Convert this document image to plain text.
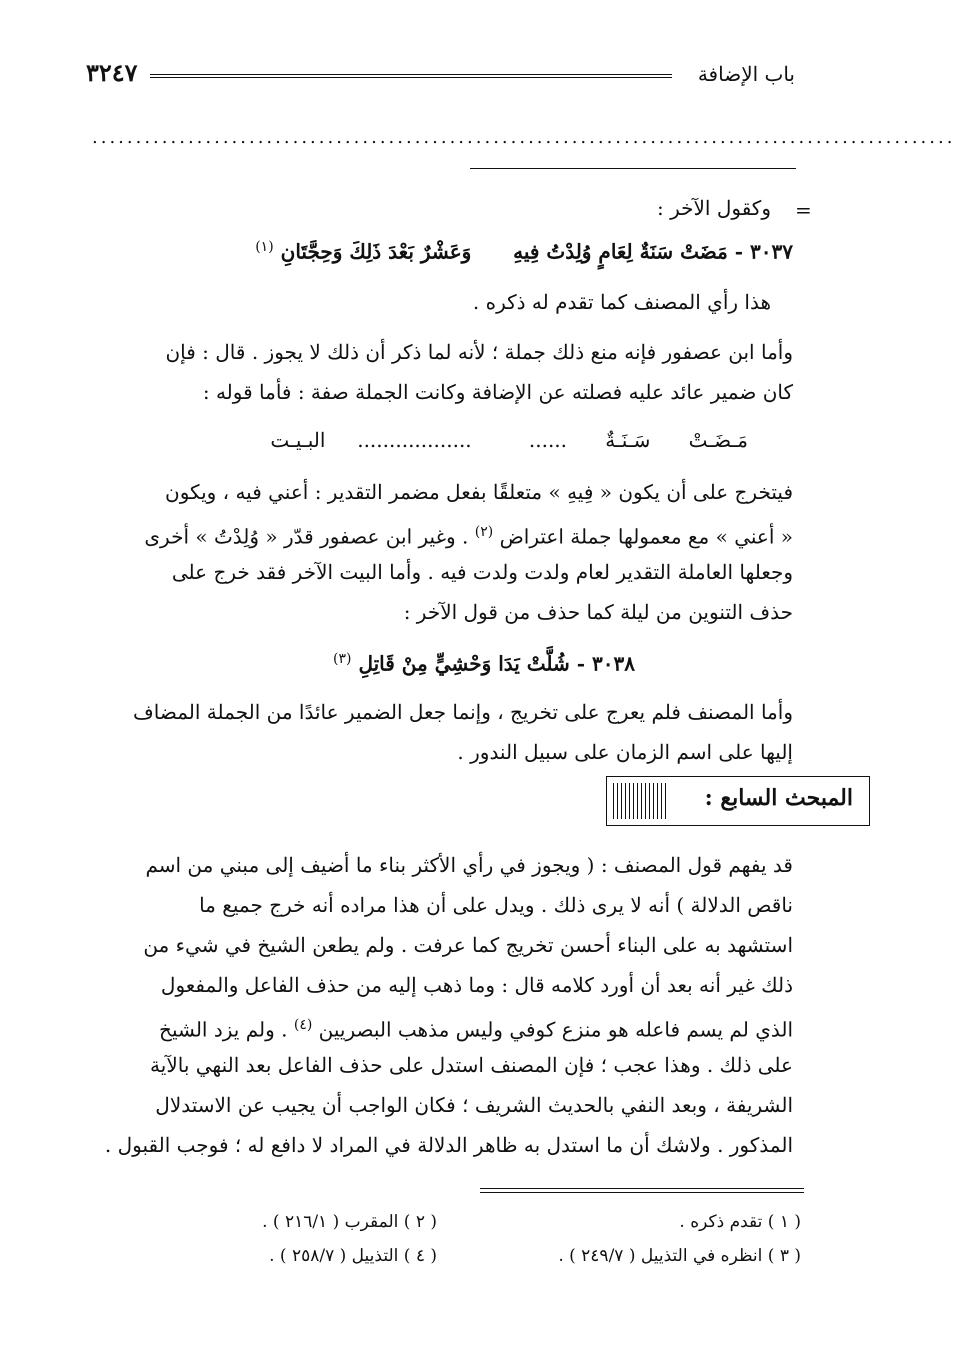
باب الإضافة
٣٢٤٧
...................................................................................................
=

وكقول الآخر :

٣٠٣٧ - مَضَتْ سَنَةٌ لِعَامٍ وُلِدْتُ فِيهِ      وَعَشْرٌ بَعْدَ ذَلِكَ وَحِجَّتَانِ $^{(١)}$

هذا رأي المصنف كما تقدم له ذكره .

وأما ابن عصفور فإنه منع ذلك جملة ؛ لأنه لما ذكر أن ذلك لا يجوز . قال : فإن

كان ضمير عائد عليه فصلته عن الإضافة وكانت الجملة صفة : فأما قوله :

مَـضَـتْ      سَـنَـةٌ      ......         ..................     البـيـت

فيتخرج على أن يكون « فِيهِ » متعلقًا بفعل مضمر التقدير : أعني فيه ، ويكون

« أعني » مع معمولها جملة اعتراض $^{(٢)}$ . وغير ابن عصفور قدّر « وُلِدْتُ » أخرى

وجعلها العاملة التقدير لعام ولدت ولدت فيه . وأما البيت الآخر فقد خرج على

حذف التنوين من ليلة كما حذف من قول الآخر :

٣٠٣٨ - شُلَّتْ يَدَا وَحْشِيٍّ مِنْ قَاتِلِ $^{(٣)}$

وأما المصنف فلم يعرج على تخريج ، وإنما جعل الضمير عائدًا من الجملة المضاف

إليها على اسم الزمان على سبيل الندور .

المبحث السابع :

قد يفهم قول المصنف : ( ويجوز في رأي الأكثر بناء ما أضيف إلى مبني من اسم

ناقص الدلالة ) أنه لا يرى ذلك . ويدل على أن هذا مراده أنه خرج جميع ما

استشهد به على البناء أحسن تخريج كما عرفت . ولم يطعن الشيخ في شيء من

ذلك غير أنه بعد أن أورد كلامه قال : وما ذهب إليه من حذف الفاعل والمفعول

الذي لم يسم فاعله هو منزع كوفي وليس مذهب البصريين $^{(٤)}$ . ولم يزد الشيخ

على ذلك . وهذا عجب ؛ فإن المصنف استدل على حذف الفاعل بعد النهي بالآية

الشريفة ، وبعد النفي بالحديث الشريف ؛ فكان الواجب أن يجيب عن الاستدلال

المذكور . ولاشك أن ما استدل به ظاهر الدلالة في المراد لا دافع له ؛ فوجب القبول .

( ١ ) تقدم ذكره .
( ٢ ) المقرب ( ٢١٦/١ ) .
( ٣ ) انظره في التذييل ( ٢٤٩/٧ ) .
( ٤ ) التذييل ( ٢٥٨/٧ ) .
